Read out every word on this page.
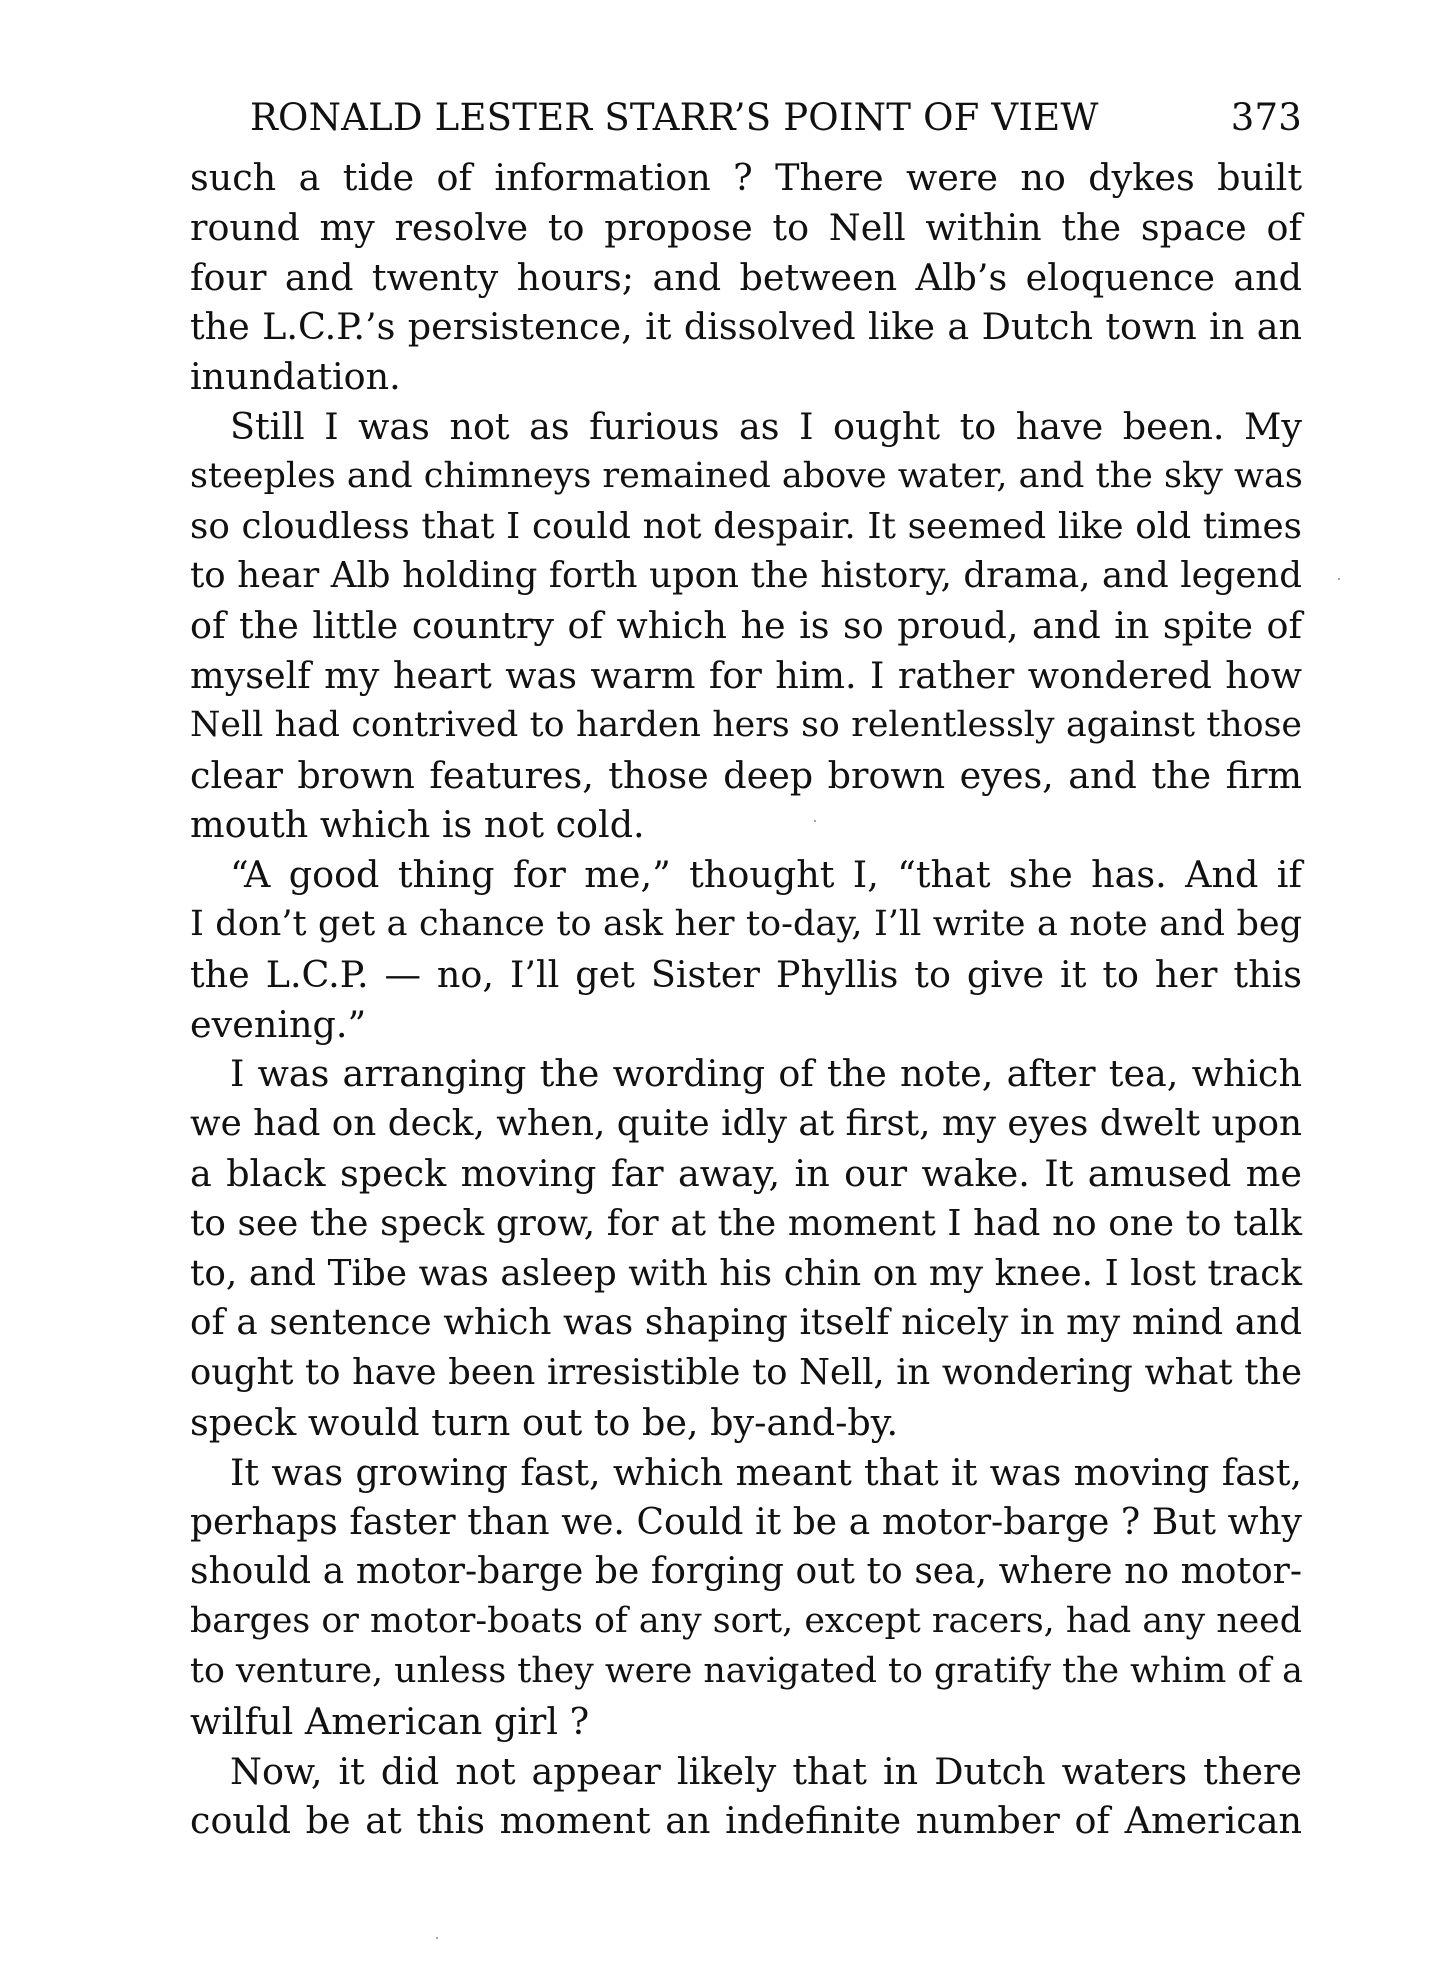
RONALD LESTER STARR’S POINT OF VIEW	373
such a tide of information ? There were no dykes built
round my resolve to propose to Nell within the space of
four and twenty hours; and between Alb’s eloquence and
the L.C.P.’s persistence, it dissolved like a Dutch town in an
inundation.
Still I was not as furious as I ought to have been. My
steeples and chimneys remained above water, and the sky was
so cloudless that I could not despair. It seemed like old times
to hear Alb holding forth upon the history, drama, and legend
of the little country of which he is so proud, and in spite of
myself my heart was warm for him. I rather wondered how
Nell had contrived to harden hers so relentlessly against those
clear brown features, those deep brown eyes, and the firm
mouth which is not cold.
“A good thing for me,” thought I, “that she has. And if
I don’t get a chance to ask her to-day, I’ll write a note and beg
the L.C.P. — no, I’ll get Sister Phyllis to give it to her this
evening.”
I was arranging the wording of the note, after tea, which
we had on deck, when, quite idly at first, my eyes dwelt upon
a black speck moving far away, in our wake. It amused me
to see the speck grow, for at the moment I had no one to talk
to, and Tibe was asleep with his chin on my knee. I lost track
of a sentence which was shaping itself nicely in my mind and
ought to have been irresistible to Nell, in wondering what the
speck would turn out to be, by-and-by.
It was growing fast, which meant that it was moving fast,
perhaps faster than we. Could it be a motor-barge ? But why
should a motor-barge be forging out to sea, where no motor-
barges or motor-boats of any sort, except racers, had any need
to venture, unless they were navigated to gratify the whim of a
wilful American girl ?
Now, it did not appear likely that in Dutch waters there
could be at this moment an indefinite number of American
